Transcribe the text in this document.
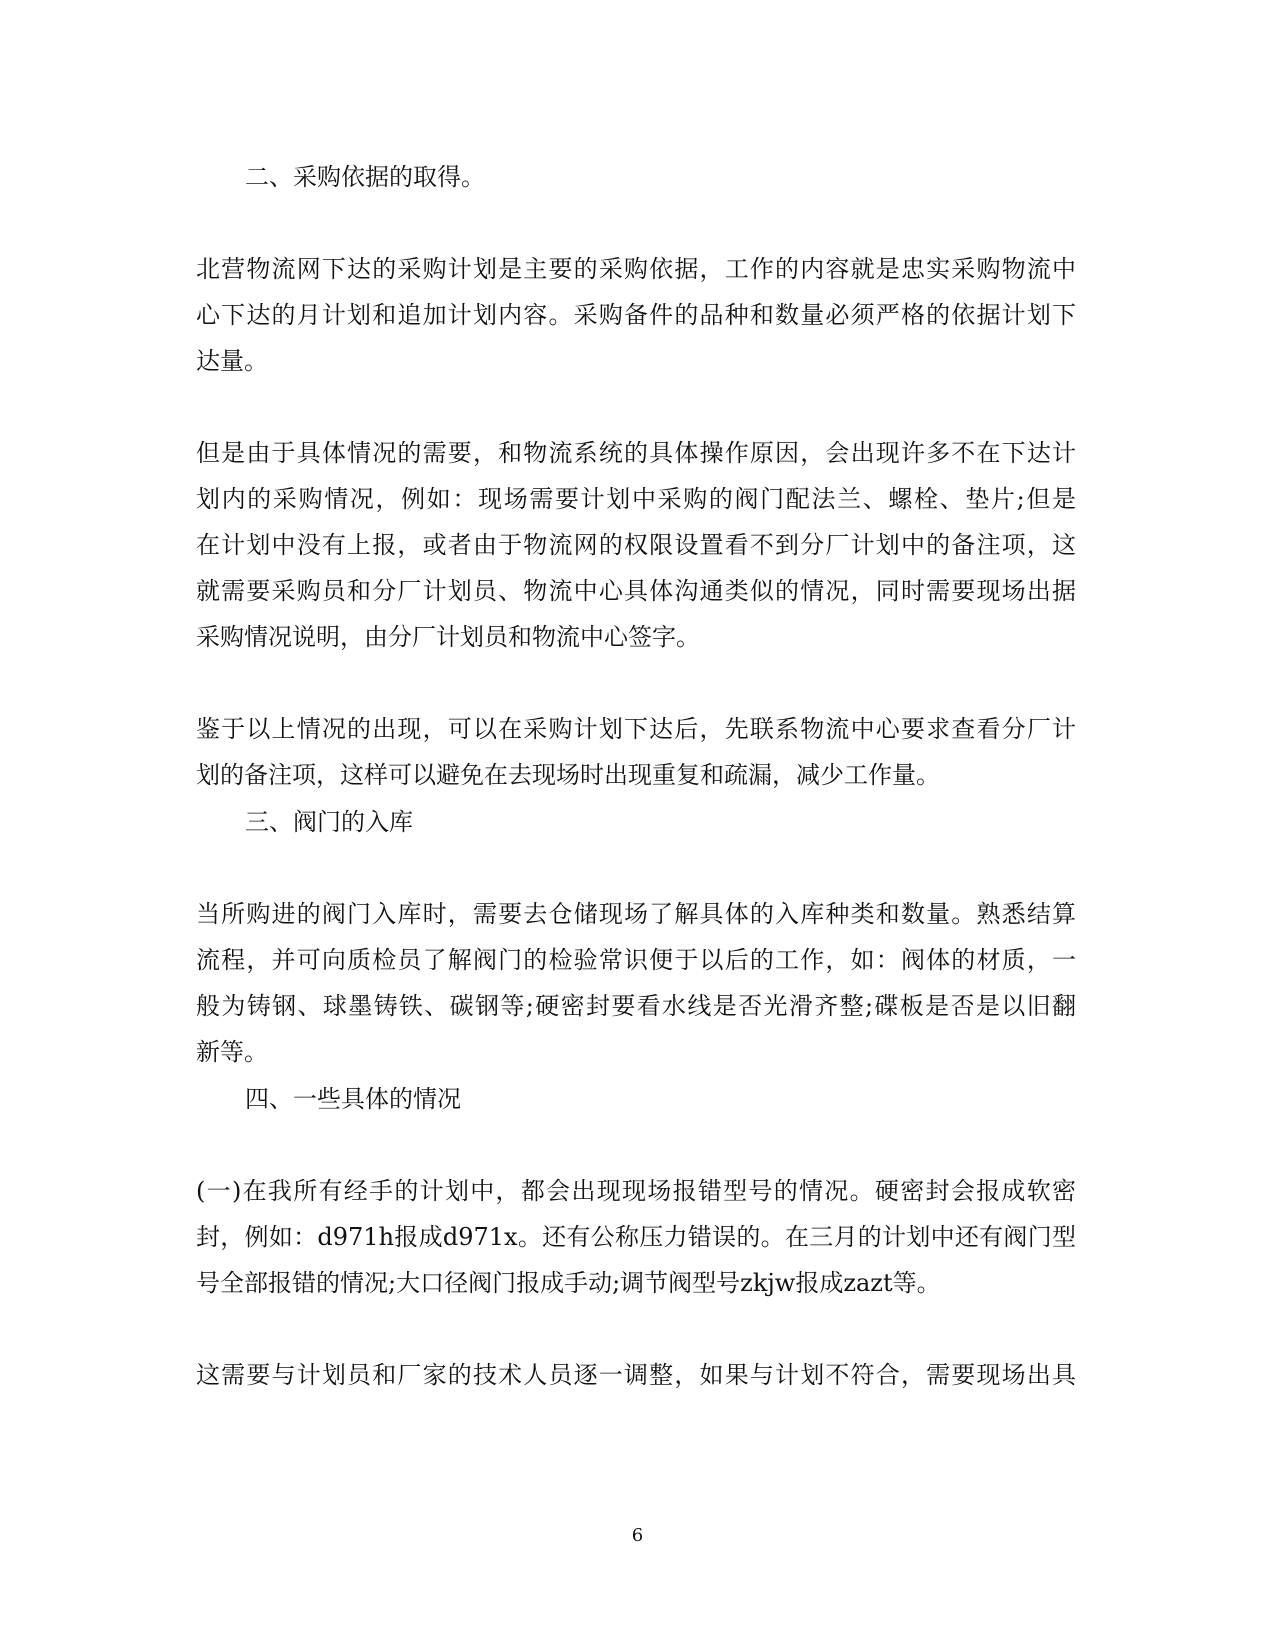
二、采购依据的取得。
北营物流网下达的采购计划是主要的采购依据，工作的内容就是忠实采购物流中
心下达的月计划和追加计划内容。采购备件的品种和数量必须严格的依据计划下
达量。
但是由于具体情况的需要，和物流系统的具体操作原因，会出现许多不在下达计
划内的采购情况，例如：现场需要计划中采购的阀门配法兰、螺栓、垫片;但是
在计划中没有上报，或者由于物流网的权限设置看不到分厂计划中的备注项，这
就需要采购员和分厂计划员、物流中心具体沟通类似的情况，同时需要现场出据
采购情况说明，由分厂计划员和物流中心签字。
鉴于以上情况的出现，可以在采购计划下达后，先联系物流中心要求查看分厂计
划的备注项，这样可以避免在去现场时出现重复和疏漏，减少工作量。
三、阀门的入库
当所购进的阀门入库时，需要去仓储现场了解具体的入库种类和数量。熟悉结算
流程，并可向质检员了解阀门的检验常识便于以后的工作，如：阀体的材质，一
般为铸钢、球墨铸铁、碳钢等;硬密封要看水线是否光滑齐整;碟板是否是以旧翻
新等。
四、一些具体的情况
(一)在我所有经手的计划中，都会出现现场报错型号的情况。硬密封会报成软密
封，例如：d971h报成d971x。还有公称压力错误的。在三月的计划中还有阀门型
号全部报错的情况;大口径阀门报成手动;调节阀型号zkjw报成zazt等。
这需要与计划员和厂家的技术人员逐一调整，如果与计划不符合，需要现场出具
6
